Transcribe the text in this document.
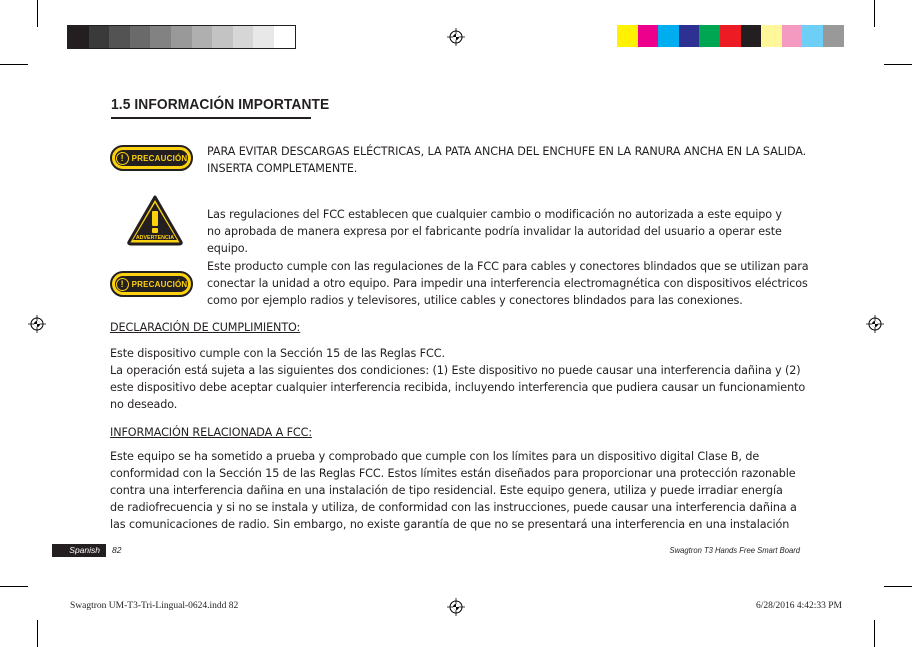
1.5 INFORMACIÓN IMPORTANTE
!	PRECAUCIÓN PARA EVITAR DESCARGAS ELÉCTRICAS, LA PATA ANCHA DEL ENCHUFE EN LA RANURA ANCHA EN LA SALIDA.
INSERTA COMPLETAMENTE.
ADVERTENCIA
Las regulaciones del FCC establecen que cualquier cambio o modificación no autorizada a este equipo y
no aprobada de manera expresa por el fabricante podría invalidar la autoridad del usuario a operar este
equipo.
!	PRECAUCIÓN
Este producto cumple con las regulaciones de la FCC para cables y conectores blindados que se utilizan para
conectar la unidad a otro equipo. Para impedir una interferencia electromagnética con dispositivos eléctricos
como por ejemplo radios y televisores, utilice cables y conectores blindados para las conexiones.
DECLARACIÓN DE CUMPLIMIENTO:
Este dispositivo cumple con la Sección 15 de las Reglas FCC.
La operación está sujeta a las siguientes dos condiciones: (1) Este dispositivo no puede causar una interferencia dañina y (2)
este dispositivo debe aceptar cualquier interferencia recibida, incluyendo interferencia que pudiera causar un funcionamiento
no deseado.
INFORMACIÓN RELACIONADA A FCC:
Este equipo se ha sometido a prueba y comprobado que cumple con los límites para un dispositivo digital Clase B, de
conformidad con la Sección 15 de las Reglas FCC. Estos límites están diseñados para proporcionar una protección razonable
contra una interferencia dañina en una instalación de tipo residencial. Este equipo genera, utiliza y puede irradiar energía
de radiofrecuencia y si no se instala y utiliza, de conformidad con las instrucciones, puede causar una interferencia dañina a
las comunicaciones de radio. Sin embargo, no existe garantía de que no se presentará una interferencia en una instalación
Spanish	82	Swagtron T3 Hands Free Smart Board
Swagtron UM-T3-Tri-Lingual-0624.indd 82	6/28/2016 4:42:33 PM
